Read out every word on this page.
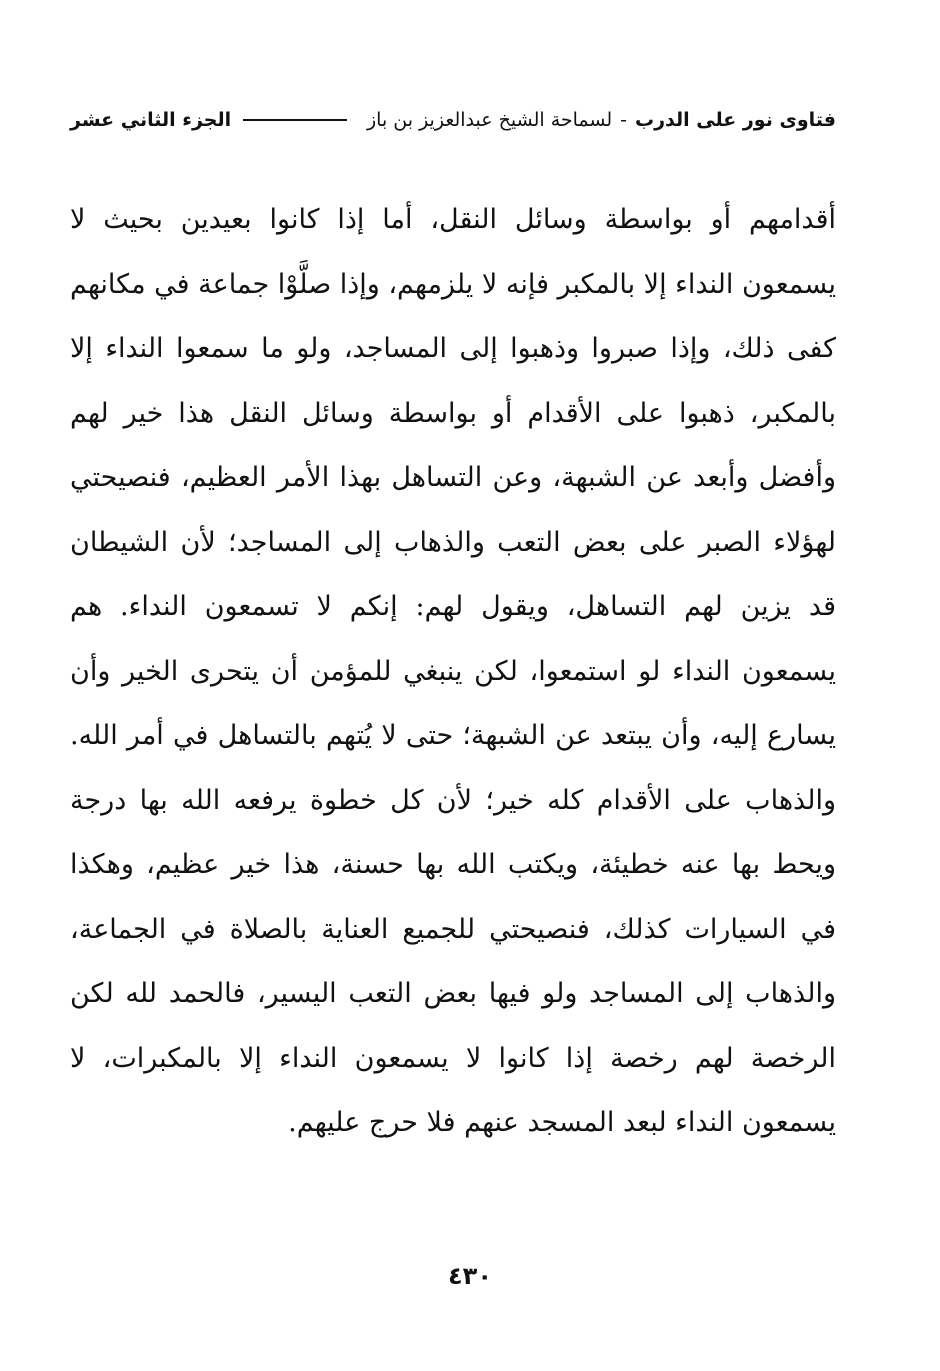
فتاوى نور على الدرب-لسماحة الشيخ عبدالعزيز بن باز
الجزء الثاني عشر

أقدامهم أو بواسطة وسائل النقل، أما إذا كانوا بعيدين بحيث لا يسمعون النداء إلا بالمكبر فإنه لا يلزمهم، وإذا صلَّوْا جماعة في مكانهم كفى ذلك، وإذا صبروا وذهبوا إلى المساجد، ولو ما سمعوا النداء إلا بالمكبر، ذهبوا على الأقدام أو بواسطة وسائل النقل هذا خير لهم وأفضل وأبعد عن الشبهة، وعن التساهل بهذا الأمر العظيم، فنصيحتي لهؤلاء الصبر على بعض التعب والذهاب إلى المساجد؛ لأن الشيطان قد يزين لهم التساهل، ويقول لهم: إنكم لا تسمعون النداء. هم يسمعون النداء لو استمعوا، لكن ينبغي للمؤمن أن يتحرى الخير وأن يسارع إليه، وأن يبتعد عن الشبهة؛ حتى لا يُتهم بالتساهل في أمر الله. والذهاب على الأقدام كله خير؛ لأن كل خطوة يرفعه الله بها درجة ويحط بها عنه خطيئة، ويكتب الله بها حسنة، هذا خير عظيم، وهكذا في السيارات كذلك، فنصيحتي للجميع العناية بالصلاة في الجماعة، والذهاب إلى المساجد ولو فيها بعض التعب اليسير، فالحمد لله لكن الرخصة لهم رخصة إذا كانوا لا يسمعون النداء إلا بالمكبرات، لا يسمعون النداء لبعد المسجد عنهم فلا حرج عليهم.

٤٣٠
